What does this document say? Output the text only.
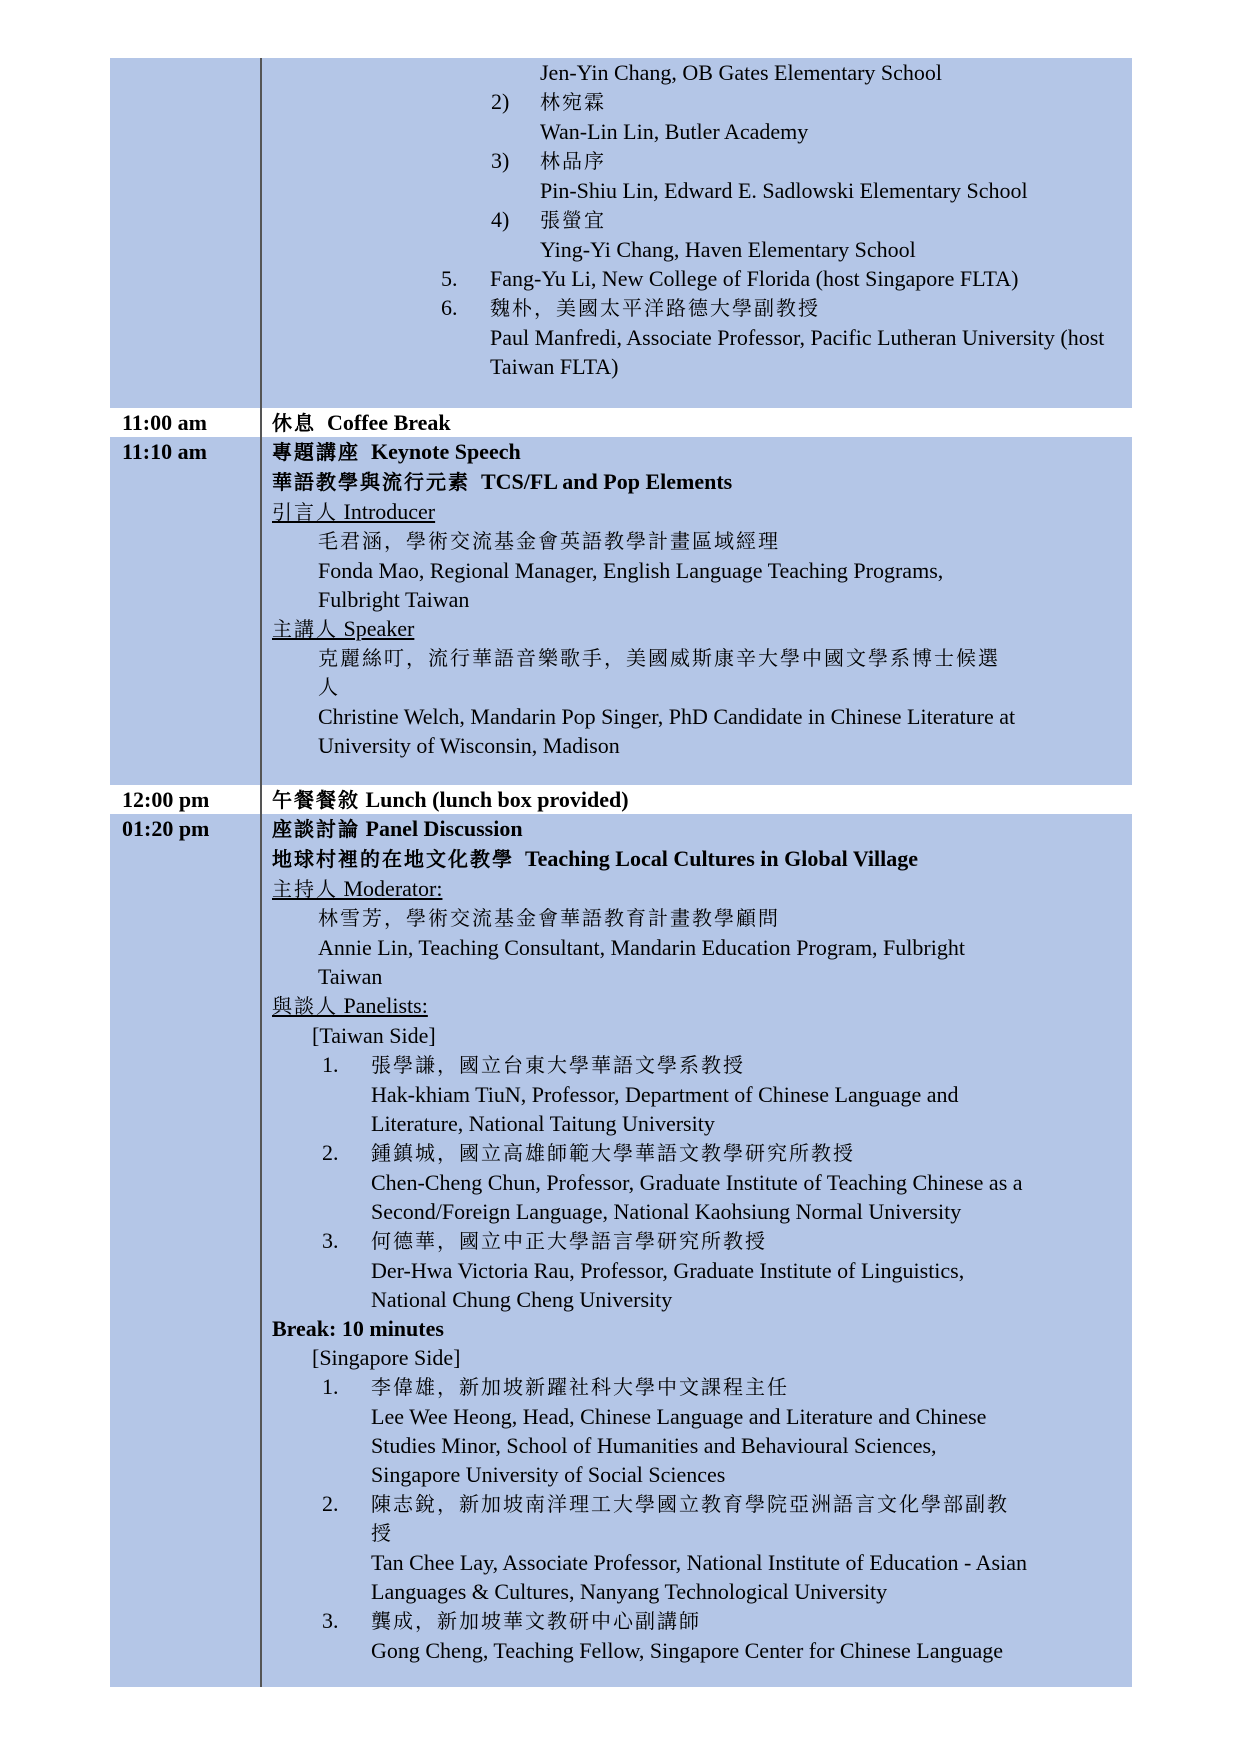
Jen-Yin Chang, OB Gates Elementary School
2) 林宛霖
Wan-Lin Lin, Butler Academy
3) 林品序
Pin-Shiu Lin, Edward E. Sadlowski Elementary School
4) 張螢宜
Ying-Yi Chang, Haven Elementary School
5. Fang-Yu Li, New College of Florida (host Singapore FLTA)
6. 魏朴，美國太平洋路德大學副教授
Paul Manfredi, Associate Professor, Pacific Lutheran University (host
Taiwan FLTA)
11:00 am	休息 Coffee Break
11:10 am	專題講座 Keynote Speech
華語教學與流行元素 TCS/FL and Pop Elements
引言人 Introducer
毛君涵，學術交流基金會英語教學計畫區域經理
Fonda Mao, Regional Manager, English Language Teaching Programs,
Fulbright Taiwan
主講人 Speaker
克麗絲叮，流行華語音樂歌手，美國威斯康辛大學中國文學系博士候選
人
Christine Welch, Mandarin Pop Singer, PhD Candidate in Chinese Literature at
University of Wisconsin, Madison
12:00 pm	午餐餐敘 Lunch (lunch box provided)
01:20 pm	座談討論 Panel Discussion
地球村裡的在地文化教學 Teaching Local Cultures in Global Village
主持人 Moderator:
林雪芳，學術交流基金會華語教育計畫教學顧問
Annie Lin, Teaching Consultant, Mandarin Education Program, Fulbright
Taiwan
與談人 Panelists:
[Taiwan Side]
1. 張學謙，國立台東大學華語文學系教授
Hak-khiam TiuN, Professor, Department of Chinese Language and
Literature, National Taitung University
2. 鍾鎮城，國立高雄師範大學華語文教學研究所教授
Chen-Cheng Chun, Professor, Graduate Institute of Teaching Chinese as a
Second/Foreign Language, National Kaohsiung Normal University
3. 何德華，國立中正大學語言學研究所教授
Der-Hwa Victoria Rau, Professor, Graduate Institute of Linguistics,
National Chung Cheng University
Break: 10 minutes
[Singapore Side]
1. 李偉雄，新加坡新躍社科大學中文課程主任
Lee Wee Heong, Head, Chinese Language and Literature and Chinese
Studies Minor, School of Humanities and Behavioural Sciences,
Singapore University of Social Sciences
2. 陳志銳，新加坡南洋理工大學國立教育學院亞洲語言文化學部副教
授
Tan Chee Lay, Associate Professor, National Institute of Education - Asian
Languages & Cultures, Nanyang Technological University
3. 龔成，新加坡華文教研中心副講師
Gong Cheng, Teaching Fellow, Singapore Center for Chinese Language
